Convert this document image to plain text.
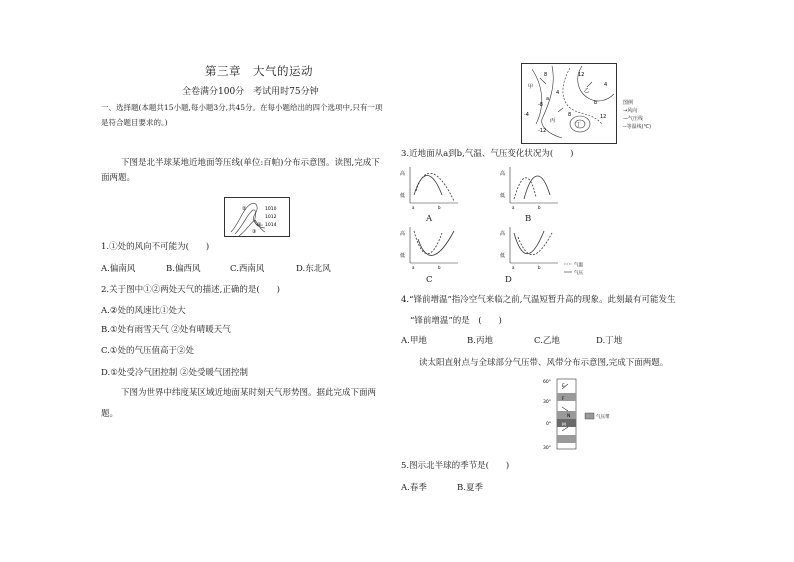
第三章　大气的运动
全卷满分100分　考试用时75分钟
一、选择题(本题共15小题,每小题3分,共45分。在每小题给出的四个选项中,只有一项
是符合题目要求的。)
下图是北半球某地近地面等压线(单位:百帕)分布示意图。读图,完成下
面两题。
1010
1012
1014
②
①
③
1.①处的风向不可能为(　　)
A.偏南风	B.偏西风	C.西南风	D.东北风
2.关于图中①②两处天气的描述,正确的是(　　)
A.②处的风速比①处大
B.①处有雨雪天气 ②处有晴暖天气
C.①处的气压值高于②处
D.①处受冷气团控制 ②处受暖气团控制
下图为世界中纬度某区域近地面某时刻天气形势图。据此完成下面两
题。
8	12
4
-8
-4
-12
4
8	12
甲
乙
丙
丁
a
b	图例
→风向
—气压线
--等温线(℃)
3.近地面从a到b,气温、气压变化状况为(　　)
高
低
a	b
高
低
a	b
高
低
a	b
高
低
a	b	气温
气压
A	B
C	D
4.“锋前增温”指冷空气来临之前,气温短暂升高的现象。此刻最有可能发生
“锋前增温”的是　(　　)
A.甲地	B.丙地	C.乙地	D.丁地
读太阳直射点与全球部分气压带、风带分布示意图,完成下面两题。
60°
30°
0°
30°
E
F
N
M
气压带
5.图示北半球的季节是(　　)
A.春季	B.夏季
